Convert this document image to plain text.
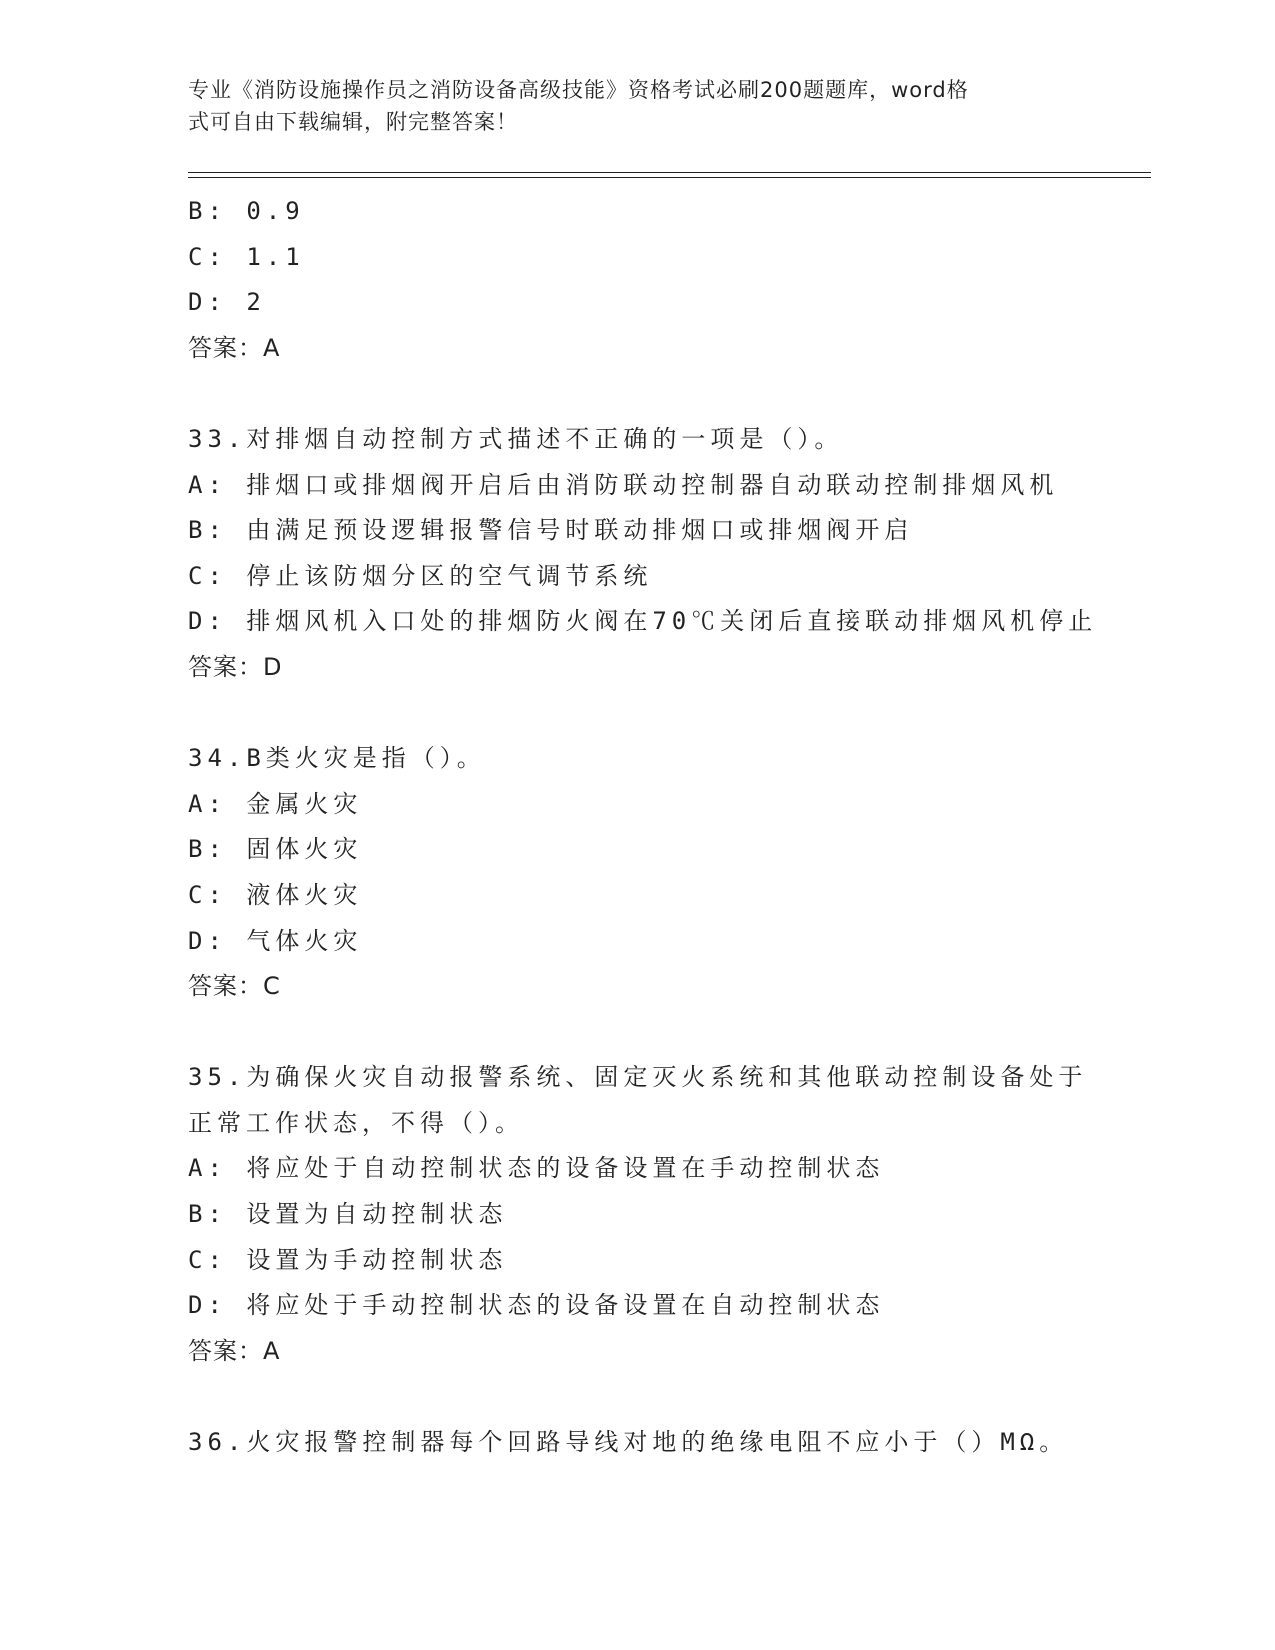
专业《消防设施操作员之消防设备高级技能》资格考试必刷200题题库，word格
式可自由下载编辑，附完整答案！
B: 0.9
C: 1.1
D: 2
答案：A
33.对排烟自动控制方式描述不正确的一项是（）。
A: 排烟口或排烟阀开启后由消防联动控制器自动联动控制排烟风机
B: 由满足预设逻辑报警信号时联动排烟口或排烟阀开启
C: 停止该防烟分区的空气调节系统
D: 排烟风机入口处的排烟防火阀在70℃关闭后直接联动排烟风机停止
答案：D
34.B类火灾是指（）。
A: 金属火灾
B: 固体火灾
C: 液体火灾
D: 气体火灾
答案：C
35.为确保火灾自动报警系统、固定灭火系统和其他联动控制设备处于
正常工作状态，不得（）。
A: 将应处于自动控制状态的设备设置在手动控制状态
B: 设置为自动控制状态
C: 设置为手动控制状态
D: 将应处于手动控制状态的设备设置在自动控制状态
答案：A
36.火灾报警控制器每个回路导线对地的绝缘电阻不应小于（）MΩ。
